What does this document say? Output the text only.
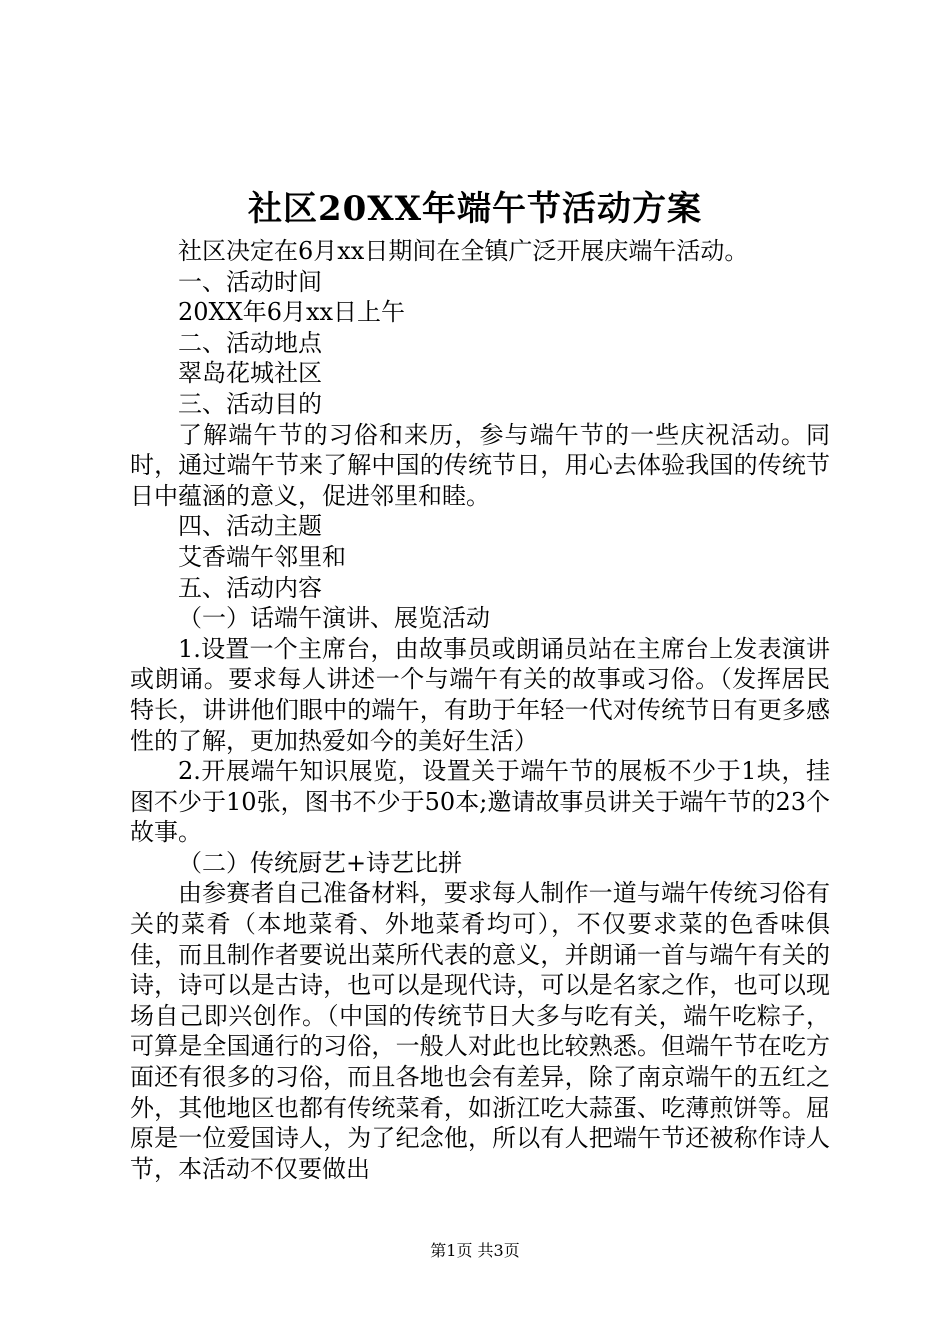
社区20XX年端午节活动方案

社区决定在6月xx日期间在全镇广泛开展庆端午活动。

一、活动时间

20XX年6月xx日上午

二、活动地点

翠岛花城社区

三、活动目的

了解端午节的习俗和来历，参与端午节的一些庆祝活动。同时，通过端午节来了解中国的传统节日，用心去体验我国的传统节日中蕴涵的意义，促进邻里和睦。

四、活动主题

艾香端午邻里和

五、活动内容

（一）话端午演讲、展览活动

1.设置一个主席台，由故事员或朗诵员站在主席台上发表演讲或朗诵。要求每人讲述一个与端午有关的故事或习俗。（发挥居民特长，讲讲他们眼中的端午，有助于年轻一代对传统节日有更多感性的了解，更加热爱如今的美好生活）

2.开展端午知识展览，设置关于端午节的展板不少于1块，挂图不少于10张，图书不少于50本;邀请故事员讲关于端午节的23个故事。

（二）传统厨艺+诗艺比拼

由参赛者自己准备材料，要求每人制作一道与端午传统习俗有关的菜肴（本地菜肴、外地菜肴均可），不仅要求菜的色香味俱佳，而且制作者要说出菜所代表的意义，并朗诵一首与端午有关的诗，诗可以是古诗，也可以是现代诗，可以是名家之作，也可以现场自己即兴创作。（中国的传统节日大多与吃有关，端午吃粽子，可算是全国通行的习俗，一般人对此也比较熟悉。但端午节在吃方面还有很多的习俗，而且各地也会有差异，除了南京端午的五红之外，其他地区也都有传统菜肴，如浙江吃大蒜蛋、吃薄煎饼等。屈原是一位爱国诗人，为了纪念他，所以有人把端午节还被称作诗人节，本活动不仅要做出

第1页 共3页
